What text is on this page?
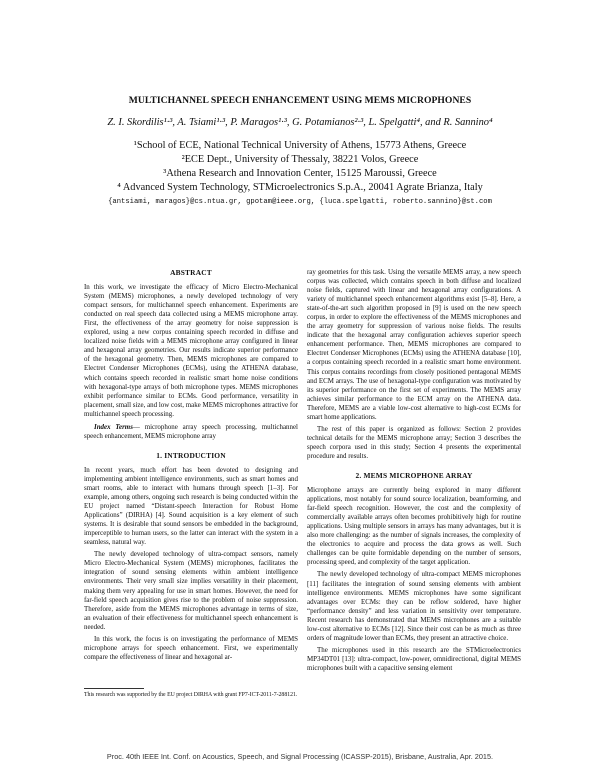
MULTICHANNEL SPEECH ENHANCEMENT USING MEMS MICROPHONES
Z. I. Skordilis¹·³, A. Tsiami¹·³, P. Maragos¹·³, G. Potamianos²·³, L. Spelgatti⁴, and R. Sannino⁴
¹School of ECE, National Technical University of Athens, 15773 Athens, Greece
²ECE Dept., University of Thessaly, 38221 Volos, Greece
³Athena Research and Innovation Center, 15125 Maroussi, Greece
⁴ Advanced System Technology, STMicroelectronics S.p.A., 20041 Agrate Brianza, Italy
{antsiami, maragos}@cs.ntua.gr, gpotam@ieee.org, {luca.spelgatti, roberto.sannino}@st.com
ABSTRACT

In this work, we investigate the efficacy of Micro Electro-Mechanical System (MEMS) microphones, a newly developed technology of very compact sensors, for multichannel speech enhancement. Experiments are conducted on real speech data collected using a MEMS microphone array. First, the effectiveness of the array geometry for noise suppression is explored, using a new corpus containing speech recorded in diffuse and localized noise fields with a MEMS microphone array configured in linear and hexagonal array geometries. Our results indicate superior performance of the hexagonal geometry. Then, MEMS microphones are compared to Electret Condenser Microphones (ECMs), using the ATHENA database, which contains speech recorded in realistic smart home noise conditions with hexagonal-type arrays of both microphone types. MEMS microphones exhibit performance similar to ECMs. Good performance, versatility in placement, small size, and low cost, make MEMS microphones attractive for multichannel speech processing.

Index Terms— microphone array speech processing, multichannel speech enhancement, MEMS microphone array

1. INTRODUCTION

In recent years, much effort has been devoted to designing and implementing ambient intelligence environments, such as smart homes and smart rooms, able to interact with humans through speech [1–3]. For example, among others, ongoing such research is being conducted within the EU project named “Distant-speech Interaction for Robust Home Applications” (DIRHA) [4]. Sound acquisition is a key element of such systems. It is desirable that sound sensors be embedded in the background, imperceptible to human users, so the latter can interact with the system in a seamless, natural way.

The newly developed technology of ultra-compact sensors, namely Micro Electro-Mechanical System (MEMS) microphones, facilitates the integration of sound sensing elements within ambient intelligence environments. Their very small size implies versatility in their placement, making them very appealing for use in smart homes. However, the need for far-field speech acquisition gives rise to the problem of noise suppression. Therefore, aside from the MEMS microphones advantage in terms of size, an evaluation of their effectiveness for multichannel speech enhancement is needed.

In this work, the focus is on investigating the performance of MEMS microphone arrays for speech enhancement. First, we experimentally compare the effectiveness of linear and hexagonal ar-

This research was supported by the EU project DIRHA with grant FP7-ICT-2011-7-288121.

ray geometries for this task. Using the versatile MEMS array, a new speech corpus was collected, which contains speech in both diffuse and localized noise fields, captured with linear and hexagonal array configurations. A variety of multichannel speech enhancement algorithms exist [5–8]. Here, a state-of-the-art such algorithm proposed in [9] is used on the new speech corpus, in order to explore the effectiveness of the MEMS microphones and the array geometry for suppression of various noise fields. The results indicate that the hexagonal array configuration achieves superior speech enhancement performance. Then, MEMS microphones are compared to Electret Condenser Microphones (ECMs) using the ATHENA database [10], a corpus containing speech recorded in a realistic smart home environment. This corpus contains recordings from closely positioned pentagonal MEMS and ECM arrays. The use of hexagonal-type configuration was motivated by its superior performance on the first set of experiments. The MEMS array achieves similar performance to the ECM array on the ATHENA data. Therefore, MEMS are a viable low-cost alternative to high-cost ECMs for smart home applications.

The rest of this paper is organized as follows: Section 2 provides technical details for the MEMS microphone array; Section 3 describes the speech corpora used in this study; Section 4 presents the experimental procedure and results.

2. MEMS MICROPHONE ARRAY

Microphone arrays are currently being explored in many different applications, most notably for sound source localization, beamforming, and far-field speech recognition. However, the cost and the complexity of commercially available arrays often becomes prohibitively high for routine applications. Using multiple sensors in arrays has many advantages, but it is also more challenging: as the number of signals increases, the complexity of the electronics to acquire and process the data grows as well. Such challenges can be quite formidable depending on the number of sensors, processing speed, and complexity of the target application.

The newly developed technology of ultra-compact MEMS microphones [11] facilitates the integration of sound sensing elements with ambient intelligence environments. MEMS microphones have some significant advantages over ECMs: they can be reflow soldered, have higher “performance density” and less variation in sensitivity over temperature. Recent research has demonstrated that MEMS microphones are a suitable low-cost alternative to ECMs [12]. Since their cost can be as much as three orders of magnitude lower than ECMs, they present an attractive choice.

The microphones used in this research are the STMicroelectronics MP34DT01 [13]: ultra-compact, low-power, omnidirectional, digital MEMS microphones built with a capacitive sensing element

Proc. 40th IEEE Int. Conf. on Acoustics, Speech, and Signal Processing (ICASSP-2015), Brisbane, Australia, Apr. 2015.
